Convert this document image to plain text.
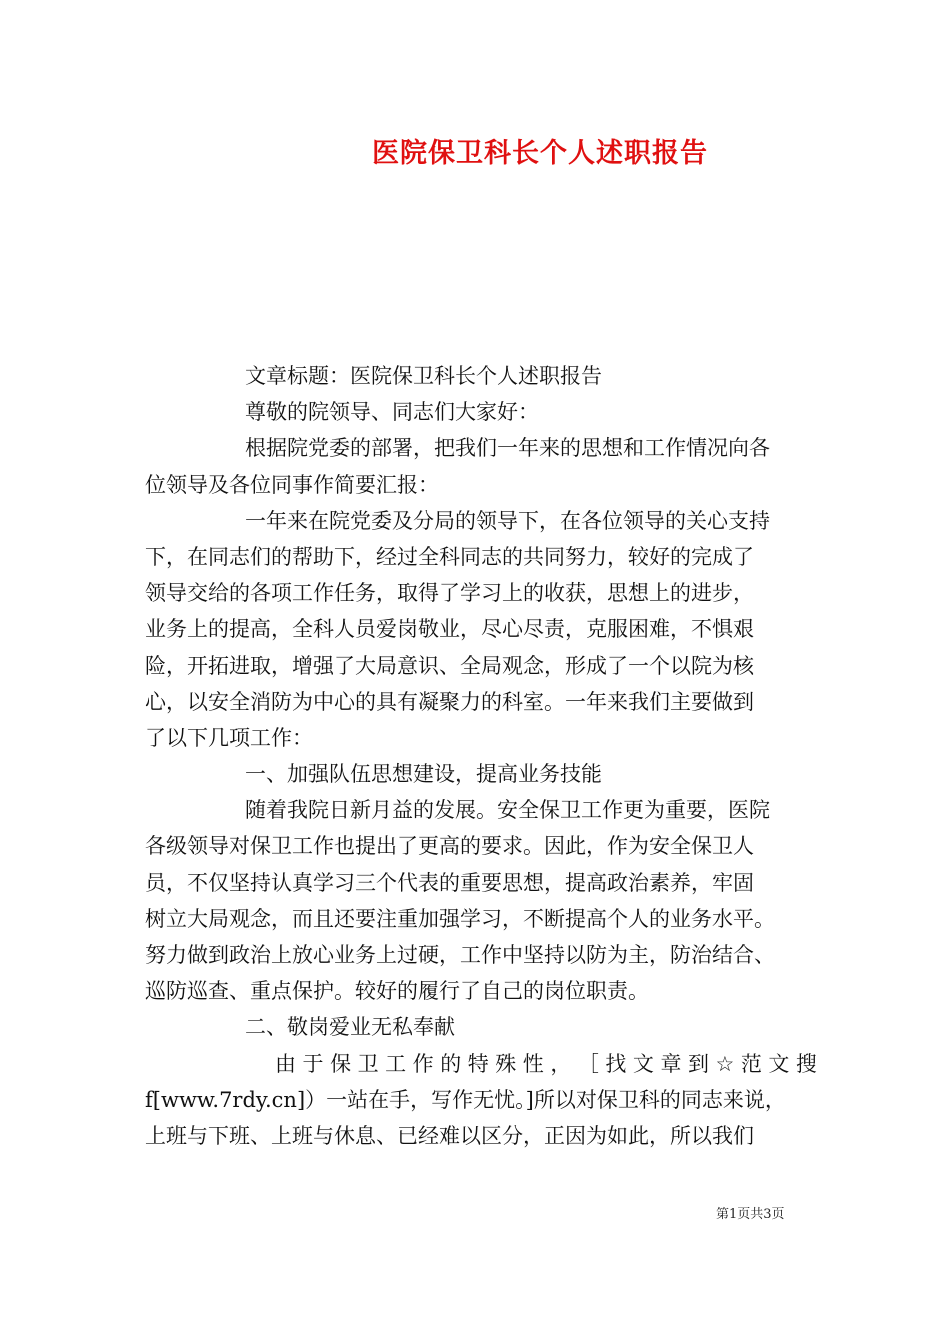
医院保卫科长个人述职报告
文章标题：医院保卫科长个人述职报告
尊敬的院领导、同志们大家好：
根据院党委的部署，把我们一年来的思想和工作情况向各
位领导及各位同事作简要汇报：
一年来在院党委及分局的领导下，在各位领导的关心支持
下，在同志们的帮助下，经过全科同志的共同努力，较好的完成了
领导交给的各项工作任务，取得了学习上的收获，思想上的进步，
业务上的提高，全科人员爱岗敬业，尽心尽责，克服困难，不惧艰
险，开拓进取，增强了大局意识、全局观念，形成了一个以院为核
心，以安全消防为中心的具有凝聚力的科室。一年来我们主要做到
了以下几项工作：
一、加强队伍思想建设，提高业务技能
随着我院日新月益的发展。安全保卫工作更为重要，医院
各级领导对保卫工作也提出了更高的要求。因此，作为安全保卫人
员，不仅坚持认真学习三个代表的重要思想，提高政治素养，牢固
树立大局观念，而且还要注重加强学习，不断提高个人的业务水平。
努力做到政治上放心业务上过硬，工作中坚持以防为主，防治结合、
巡防巡查、重点保护。较好的履行了自己的岗位职责。
二、敬岗爱业无私奉献
由 于 保 卫 工 作 的 特 殊 性 ， ［ 找 文 章 到 ☆ 范 文 搜
f[www.7rdy.cn]）一站在手，写作无忧。]所以对保卫科的同志来说，
上班与下班、上班与休息、已经难以区分，正因为如此，所以我们
第1页共3页
